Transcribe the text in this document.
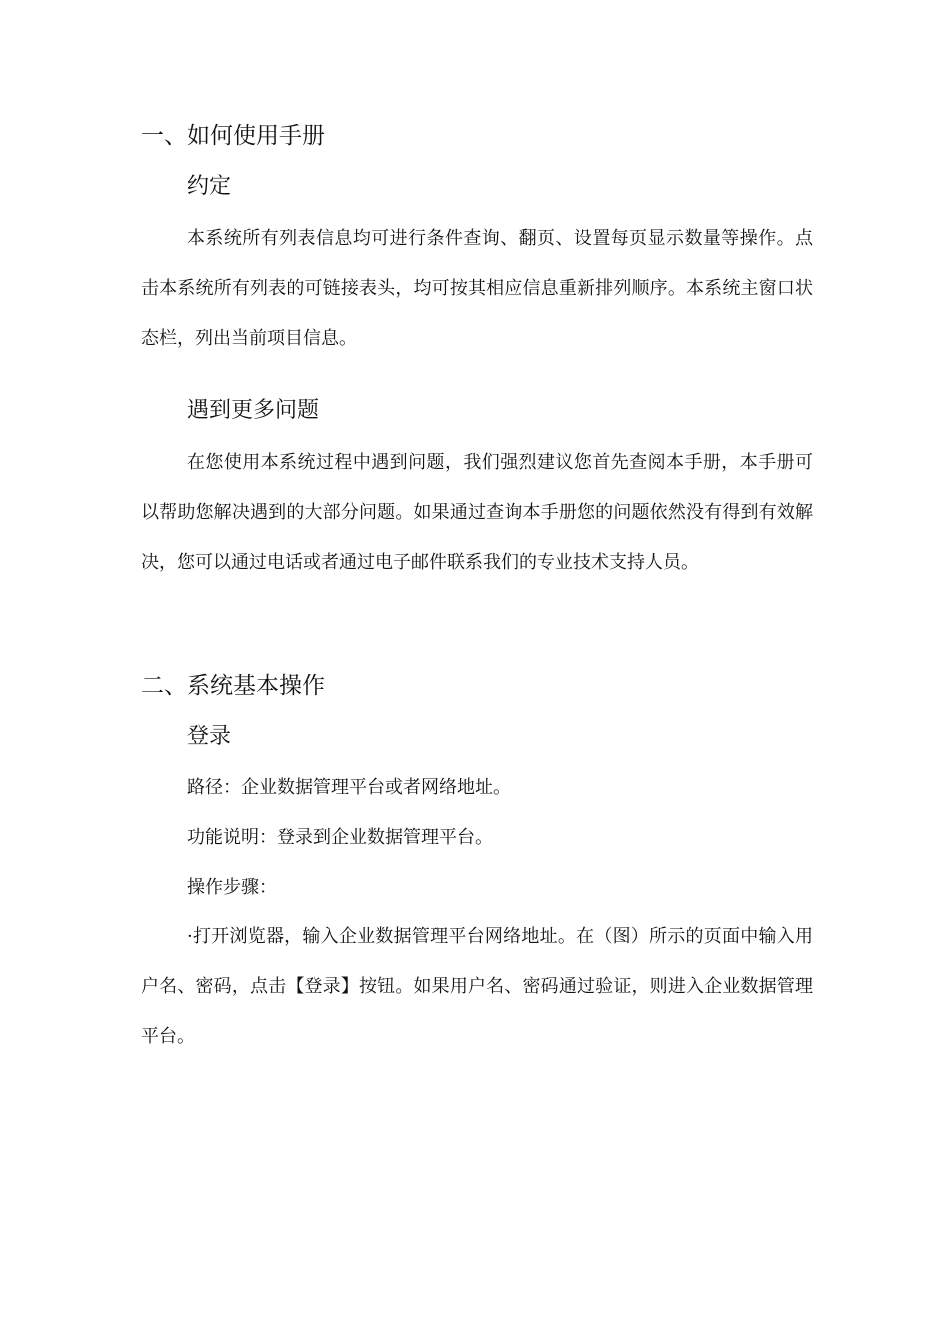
一、如何使用手册
约定

本系统所有列表信息均可进行条件查询、翻页、设置每页显示数量等操作。点击本系统所有列表的可链接表头，均可按其相应信息重新排列顺序。本系统主窗口状态栏，列出当前项目信息。

遇到更多问题

在您使用本系统过程中遇到问题，我们强烈建议您首先查阅本手册，本手册可以帮助您解决遇到的大部分问题。如果通过查询本手册您的问题依然没有得到有效解决，您可以通过电话或者通过电子邮件联系我们的专业技术支持人员。

二、系统基本操作
登录

路径：企业数据管理平台或者网络地址。

功能说明：登录到企业数据管理平台。

操作步骤：

·打开浏览器，输入企业数据管理平台网络地址。在（图）所示的页面中输入用户名、密码，点击【登录】按钮。如果用户名、密码通过验证，则进入企业数据管理平台。
